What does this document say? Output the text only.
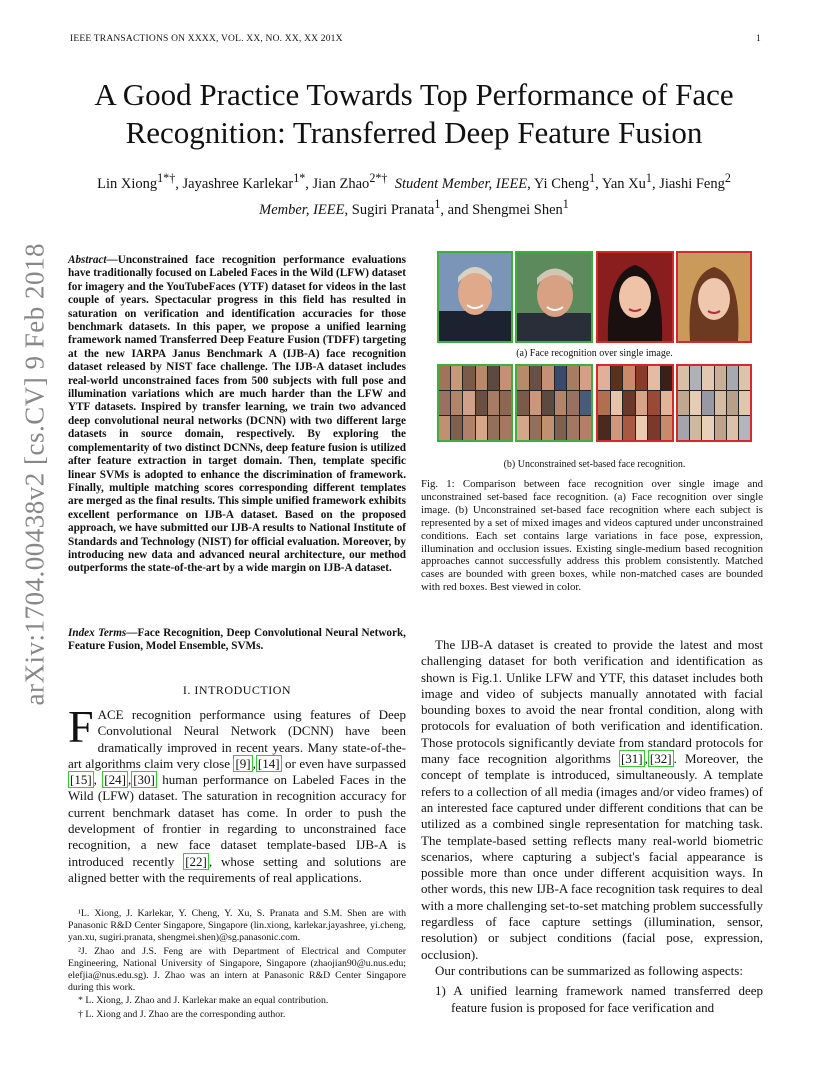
IEEE TRANSACTIONS ON XXXX, VOL. XX, NO. XX, XX 201X	1
arXiv:1704.00438v2 [cs.CV] 9 Feb 2018
A Good Practice Towards Top Performance of Face Recognition: Transferred Deep Feature Fusion
Lin Xiong$^{1*\dagger}$, Jayashree Karlekar$^{1*}$, Jian Zhao$^{2*\dagger}$ Student Member, IEEE, Yi Cheng$^1$, Yan Xu$^1$, Jiashi Feng$^2$
Member, IEEE, Sugiri Pranata$^1$, and Shengmei Shen$^1$
Abstract—Unconstrained face recognition performance evaluations have traditionally focused on Labeled Faces in the Wild (LFW) dataset for imagery and the YouTubeFaces (YTF) dataset for videos in the last couple of years. Spectacular progress in this field has resulted in saturation on verification and identification accuracies for those benchmark datasets. In this paper, we propose a unified learning framework named Transferred Deep Feature Fusion (TDFF) targeting at the new IARPA Janus Benchmark A (IJB-A) face recognition dataset released by NIST face challenge. The IJB-A dataset includes real-world unconstrained faces from 500 subjects with full pose and illumination variations which are much harder than the LFW and YTF datasets. Inspired by transfer learning, we train two advanced deep convolutional neural networks (DCNN) with two different large datasets in source domain, respectively. By exploring the complementarity of two distinct DCNNs, deep feature fusion is utilized after feature extraction in target domain. Then, template specific linear SVMs is adopted to enhance the discrimination of framework. Finally, multiple matching scores corresponding different templates are merged as the final results. This simple unified framework exhibits excellent performance on IJB-A dataset. Based on the proposed approach, we have submitted our IJB-A results to National Institute of Standards and Technology (NIST) for official evaluation. Moreover, by introducing new data and advanced neural architecture, our method outperforms the state-of-the-art by a wide margin on IJB-A dataset.
Index Terms—Face Recognition, Deep Convolutional Neural Network, Feature Fusion, Model Ensemble, SVMs.
I. INTRODUCTION
FACE recognition performance using features of Deep Convolutional Neural Network (DCNN) have been dramatically improved in recent years. Many state-of-the-art algorithms claim very close [9] , [14] or even have surpassed [15] , [24] , [30] human performance on Labeled Faces in the Wild (LFW) dataset. The saturation in recognition accuracy for current benchmark dataset has come. In order to push the development of frontier in regarding to unconstrained face recognition, a new face dataset template-based IJB-A is introduced recently [22] , whose setting and solutions are aligned better with the requirements of real applications.

¹L. Xiong, J. Karlekar, Y. Cheng, Y. Xu, S. Pranata and S.M. Shen are with Panasonic R&D Center Singapore, Singapore (lin.xiong, karlekar.jayashree, yi.cheng, yan.xu, sugiri.pranata, shengmei.shen)@sg.panasonic.com.

²J. Zhao and J.S. Feng are with Department of Electrical and Computer Engineering, National University of Singapore, Singapore (zhaojian90@u.nus.edu; elefjia@nus.edu.sg). J. Zhao was an intern at Panasonic R&D Center Singapore during this work.

* L. Xiong, J. Zhao and J. Karlekar make an equal contribution.

† L. Xiong and J. Zhao are the corresponding author.

(a) Face recognition over single image.
(b) Unconstrained set-based face recognition.
Fig. 1: Comparison between face recognition over single image and unconstrained set-based face recognition. (a) Face recognition over single image. (b) Unconstrained set-based face recognition where each subject is represented by a set of mixed images and videos captured under unconstrained conditions. Each set contains large variations in face pose, expression, illumination and occlusion issues. Existing single-medium based recognition approaches cannot successfully address this problem consistently. Matched cases are bounded with green boxes, while non-matched cases are bounded with red boxes. Best viewed in color.

The IJB-A dataset is created to provide the latest and most challenging dataset for both verification and identification as shown is Fig.1. Unlike LFW and YTF, this dataset includes both image and video of subjects manually annotated with facial bounding boxes to avoid the near frontal condition, along with protocols for evaluation of both verification and identification. Those protocols significantly deviate from standard protocols for many face recognition algorithms [31] , [32] . Moreover, the concept of template is introduced, simultaneously. A template refers to a collection of all media (images and/or video frames) of an interested face captured under different conditions that can be utilized as a combined single representation for matching task. The template-based setting reflects many real-world biometric scenarios, where capturing a subject's facial appearance is possible more than once under different acquisition ways. In other words, this new IJB-A face recognition task requires to deal with a more challenging set-to-set matching problem successfully regardless of face capture settings (illumination, sensor, resolution) or subject conditions (facial pose, expression, occlusion).

Our contributions can be summarized as following aspects:

1) A unified learning framework named transferred deep feature fusion is proposed for face verification and
